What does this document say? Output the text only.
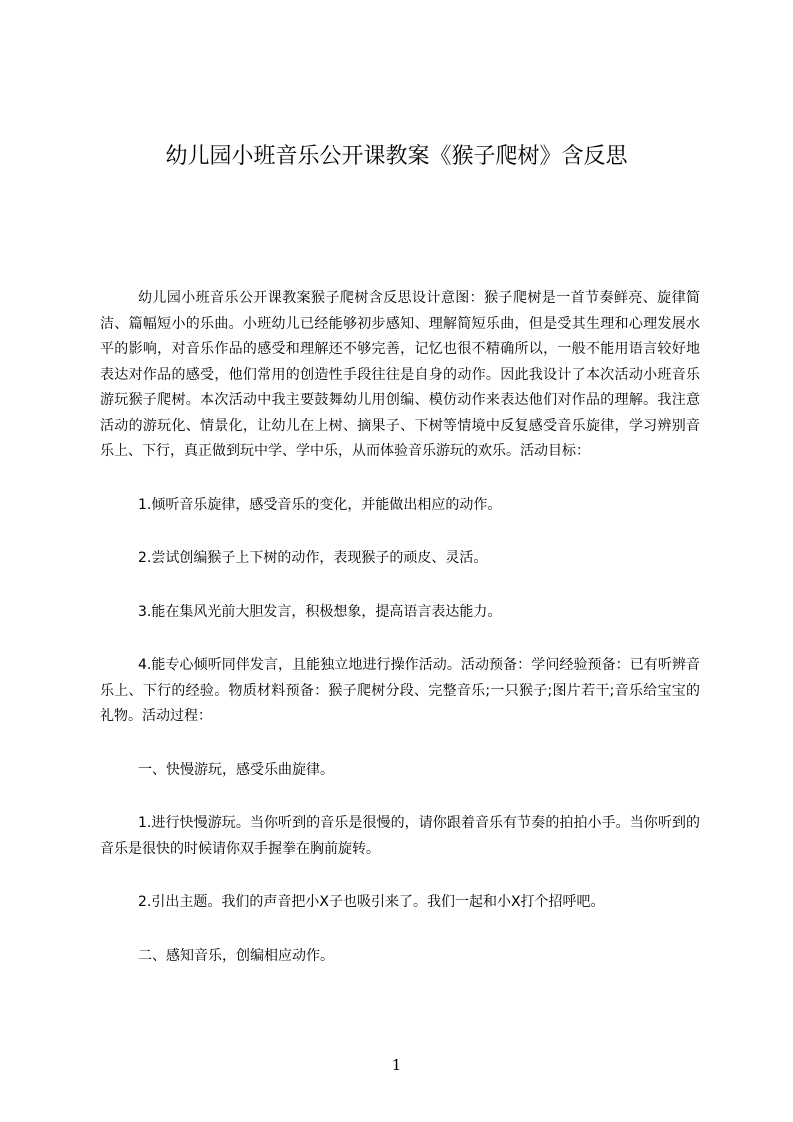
幼儿园小班音乐公开课教案《猴子爬树》含反思

幼儿园小班音乐公开课教案猴子爬树含反思设计意图：猴子爬树是一首节奏鲜亮、旋律简洁、篇幅短小的乐曲。小班幼儿已经能够初步感知、理解简短乐曲，但是受其生理和心理发展水平的影响，对音乐作品的感受和理解还不够完善，记忆也很不精确所以，一般不能用语言较好地表达对作品的感受，他们常用的创造性手段往往是自身的动作。因此我设计了本次活动小班音乐游玩猴子爬树。本次活动中我主要鼓舞幼儿用创编、模仿动作来表达他们对作品的理解。我注意活动的游玩化、情景化，让幼儿在上树、摘果子、下树等情境中反复感受音乐旋律，学习辨别音乐上、下行，真正做到玩中学、学中乐，从而体验音乐游玩的欢乐。活动目标：

1.倾听音乐旋律，感受音乐的变化，并能做出相应的动作。

2.尝试创编猴子上下树的动作，表现猴子的顽皮、灵活。

3.能在集风光前大胆发言，积极想象，提高语言表达能力。

4.能专心倾听同伴发言，且能独立地进行操作活动。活动预备：学问经验预备：已有听辨音乐上、下行的经验。物质材料预备：猴子爬树分段、完整音乐;一只猴子;图片若干;音乐给宝宝的礼物。活动过程：

一、快慢游玩，感受乐曲旋律。

1.进行快慢游玩。当你听到的音乐是很慢的，请你跟着音乐有节奏的拍拍小手。当你听到的音乐是很快的时候请你双手握拳在胸前旋转。

2.引出主题。我们的声音把小X子也吸引来了。我们一起和小X打个招呼吧。

二、感知音乐，创编相应动作。

1
